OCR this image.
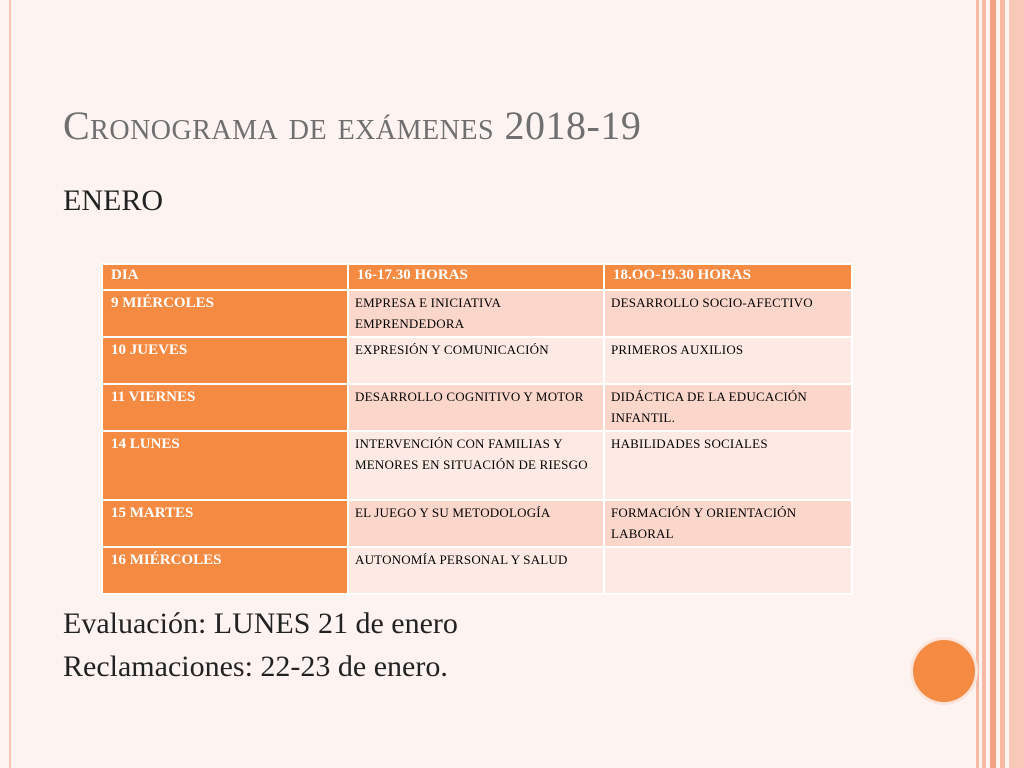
Cronograma de exámenes 2018-19
ENERO
DIA	16-17.30 HORAS	18.OO-19.30 HORAS
9 MIÉRCOLES	EMPRESA E INICIATIVA EMPRENDEDORA	DESARROLLO SOCIO-AFECTIVO
10 JUEVES	EXPRESIÓN Y COMUNICACIÓN	PRIMEROS AUXILIOS
11 VIERNES	DESARROLLO COGNITIVO Y MOTOR	DIDÁCTICA DE LA EDUCACIÓN INFANTIL.
14 LUNES	INTERVENCIÓN CON FAMILIAS Y MENORES EN SITUACIÓN DE RIESGO	HABILIDADES SOCIALES
15 MARTES	EL JUEGO Y SU METODOLOGÍA	FORMACIÓN Y ORIENTACIÓN LABORAL
16 MIÉRCOLES	AUTONOMÍA PERSONAL Y SALUD	
Evaluación: LUNES 21 de enero
Reclamaciones: 22-23 de enero.
